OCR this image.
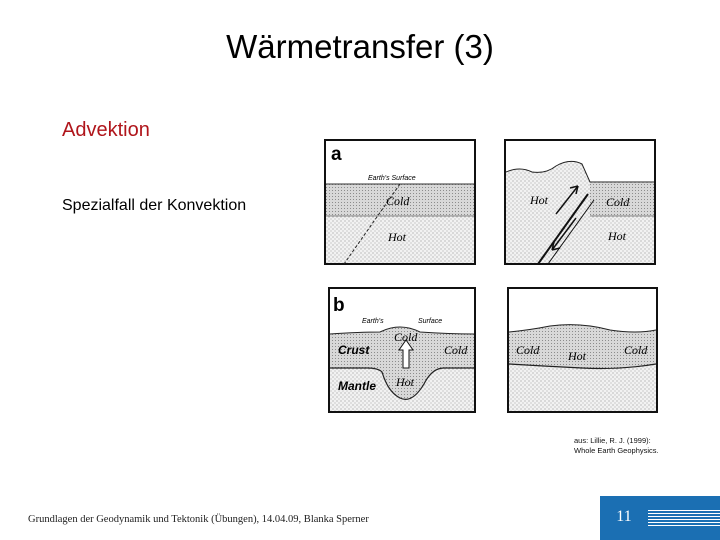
Wärmetransfer (3)
Advektion
Spezialfall der Konvektion
a
Earth's Surface
Cold
Hot
Hot	Cold
Hot
b
Earth's	Surface
Cold
Crust	Cold
Mantle Hot
Cold Hot	Cold
aus: Lillie, R. J. (1999):
Whole Earth Geophysics.
Grundlagen der Geodynamik und Tektonik (Übungen), 14.04.09, Blanka Sperner	11
